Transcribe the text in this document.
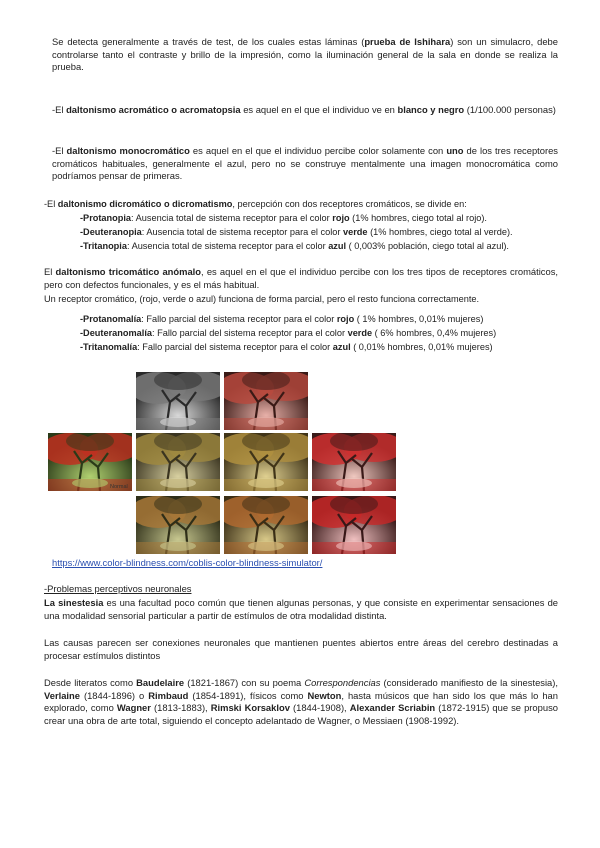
Se detecta generalmente a través de test, de los cuales estas láminas (prueba de Ishihara) son un simulacro, debe controlarse tanto el contraste y brillo de la impresión, como la iluminación general de la sala en donde se realiza la prueba.

-El daltonismo acromático o acromatopsia es aquel en el que el individuo ve en blanco y negro (1/100.000 personas)

-El daltonismo monocromático es aquel en el que el individuo percibe color solamente con uno de los tres receptores cromáticos habituales, generalmente el azul, pero no se construye mentalmente una imagen monocromática como podríamos pensar de primeras.

-El daltonismo dicromático o dicromatismo, percepción con dos receptores cromáticos, se divide en:

-Protanopia: Ausencia total de sistema receptor para el color rojo (1% hombres, ciego total al rojo).

-Deuteranopia: Ausencia total de sistema receptor para el color verde (1% hombres, ciego total al verde).

-Tritanopia: Ausencia total de sistema receptor para el color azul ( 0,003% población, ciego total al azul).

El daltonismo tricomático anómalo, es aquel en el que el individuo percibe con los tres tipos de receptores cromáticos, pero con defectos funcionales, y es el más habitual.

Un receptor cromático, (rojo, verde o azul) funciona de forma parcial, pero el resto funciona correctamente.

-Protanomalía: Fallo parcial del sistema receptor para el color rojo ( 1% hombres, 0,01% mujeres)

-Deuteranomalía: Fallo parcial del sistema receptor para el color verde ( 6% hombres, 0,4% mujeres)

-Tritanomalía: Fallo parcial del sistema receptor para el color azul ( 0,01% hombres, 0,01% mujeres)

Normal
https://www.color-blindness.com/coblis-color-blindness-simulator/
-Problemas perceptivos neuronales

La sinestesia es una facultad poco común que tienen algunas personas, y que consiste en experimentar sensaciones de una modalidad sensorial particular a partir de estímulos de otra modalidad distinta.

Las causas parecen ser conexiones neuronales que mantienen puentes abiertos entre áreas del cerebro destinadas a procesar estímulos distintos

Desde literatos como Baudelaire (1821-1867) con su poema Correspondencias (considerado manifiesto de la sinestesia), Verlaine (1844-1896) o Rimbaud (1854-1891), físicos como Newton, hasta músicos que han sido los que más lo han explorado, como Wagner (1813-1883), Rimski Korsaklov (1844-1908), Alexander Scriabin (1872-1915) que se propuso crear una obra de arte total, siguiendo el concepto adelantado de Wagner, o Messiaen (1908-1992).
